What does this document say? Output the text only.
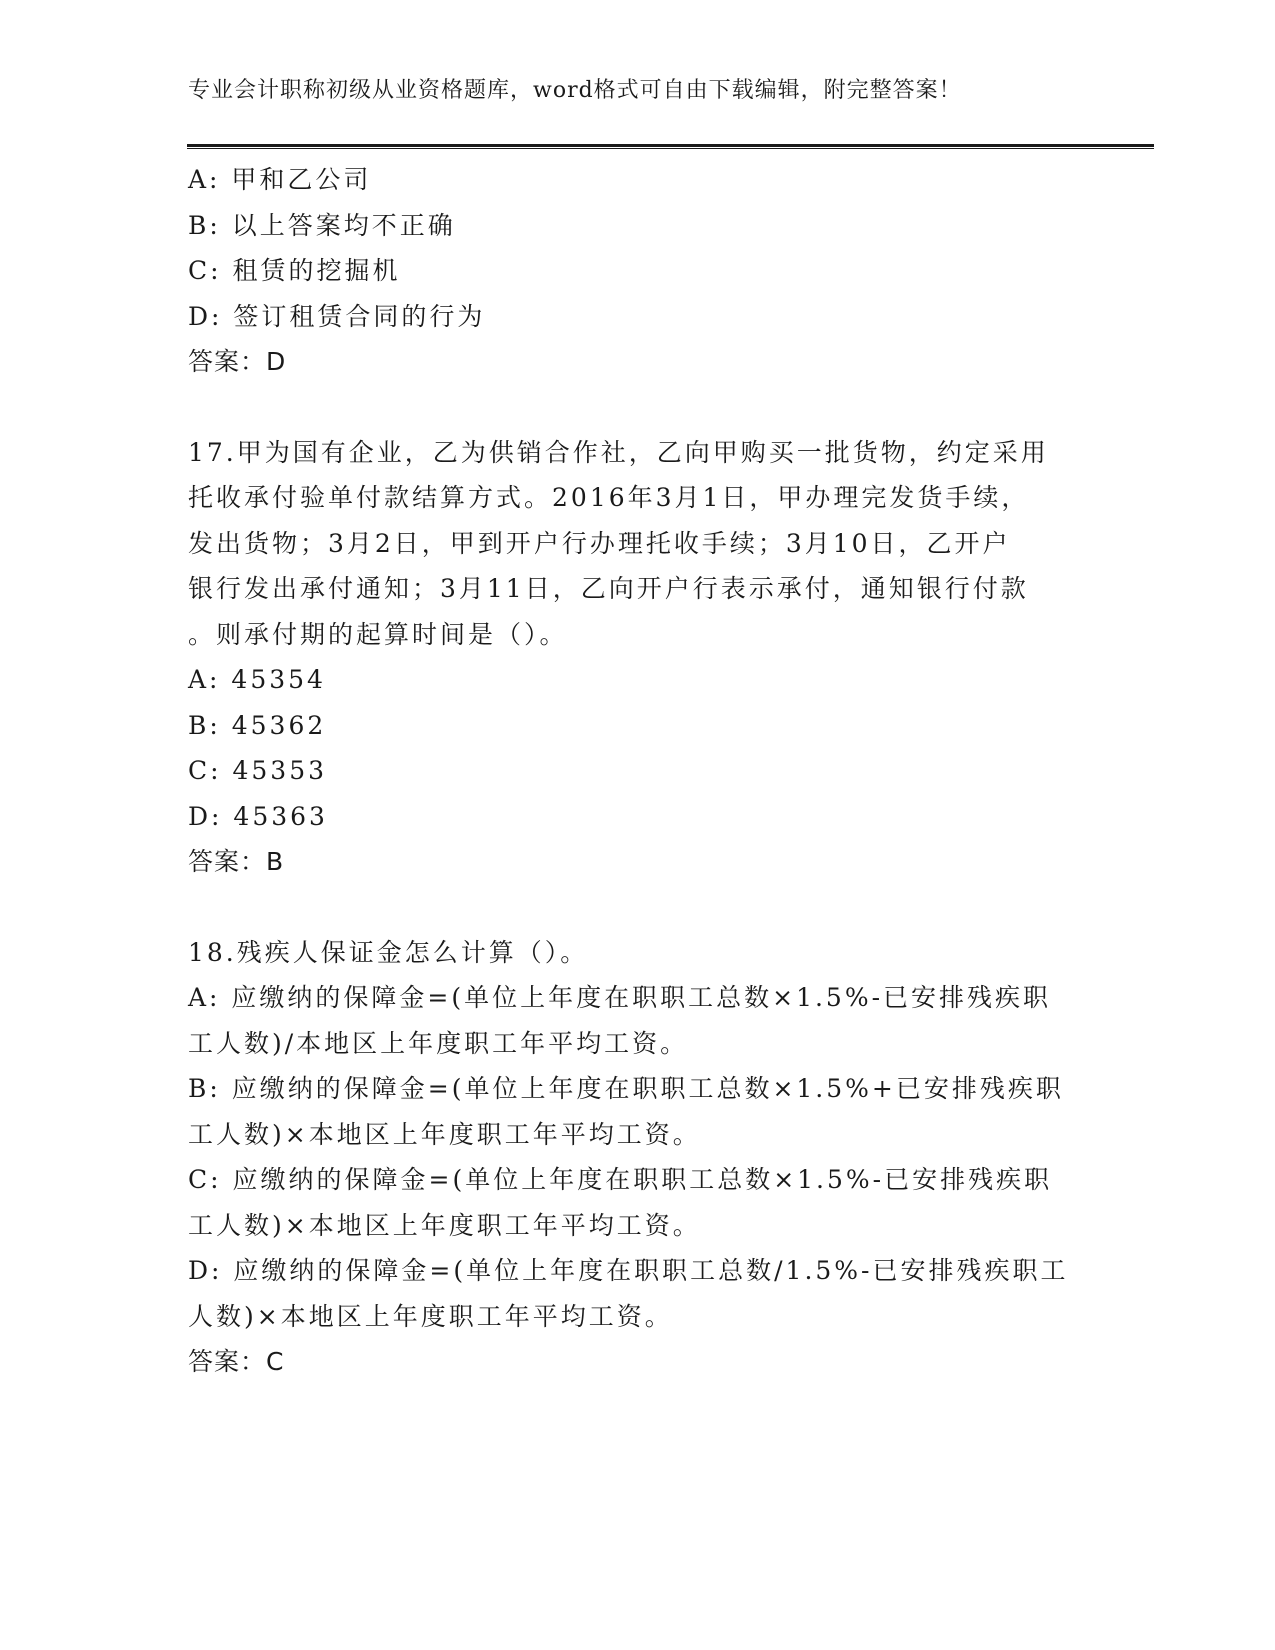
专业会计职称初级从业资格题库，word格式可自由下载编辑，附完整答案！
A: 甲和乙公司
B: 以上答案均不正确
C: 租赁的挖掘机
D: 签订租赁合同的行为
答案：D
17.甲为国有企业，乙为供销合作社，乙向甲购买一批货物，约定采用
托收承付验单付款结算方式。2016年3月1日，甲办理完发货手续，
发出货物；3月2日，甲到开户行办理托收手续；3月10日，乙开户
银行发出承付通知；3月11日，乙向开户行表示承付，通知银行付款
。则承付期的起算时间是（）。
A: 45354
B: 45362
C: 45353
D: 45363
答案：B
18.残疾人保证金怎么计算（）。
A: 应缴纳的保障金=(单位上年度在职职工总数×1.5%-已安排残疾职
工人数)/本地区上年度职工年平均工资。
B: 应缴纳的保障金=(单位上年度在职职工总数×1.5%+已安排残疾职
工人数)×本地区上年度职工年平均工资。
C: 应缴纳的保障金=(单位上年度在职职工总数×1.5%-已安排残疾职
工人数)×本地区上年度职工年平均工资。
D: 应缴纳的保障金=(单位上年度在职职工总数/1.5%-已安排残疾职工
人数)×本地区上年度职工年平均工资。
答案：C
